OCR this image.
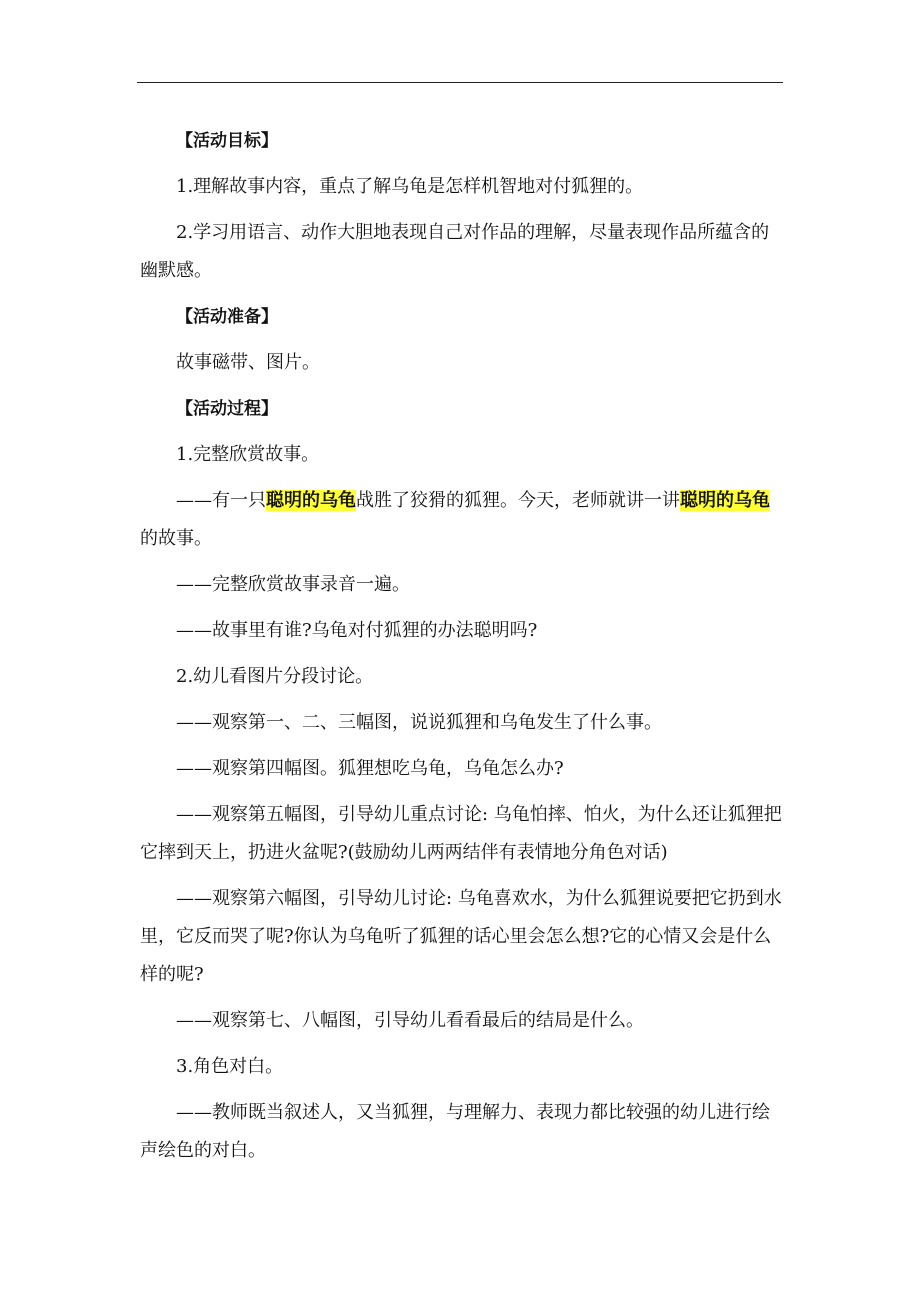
【活动目标】

1.理解故事内容，重点了解乌龟是怎样机智地对付狐狸的。

2.学习用语言、动作大胆地表现自己对作品的理解，尽量表现作品所蕴含的幽默感。

【活动准备】

故事磁带、图片。

【活动过程】

1.完整欣赏故事。

——有一只聪明的乌龟战胜了狡猾的狐狸。今天，老师就讲一讲聪明的乌龟的故事。

——完整欣赏故事录音一遍。

——故事里有谁?乌龟对付狐狸的办法聪明吗?

2.幼儿看图片分段讨论。

——观察第一、二、三幅图，说说狐狸和乌龟发生了什么事。

——观察第四幅图。狐狸想吃乌龟，乌龟怎么办?

——观察第五幅图，引导幼儿重点讨论: 乌龟怕摔、怕火，为什么还让狐狸把它摔到天上，扔进火盆呢?(鼓励幼儿两两结伴有表情地分角色对话)

——观察第六幅图，引导幼儿讨论: 乌龟喜欢水，为什么狐狸说要把它扔到水里，它反而哭了呢?你认为乌龟听了狐狸的话心里会怎么想?它的心情又会是什么样的呢?

——观察第七、八幅图，引导幼儿看看最后的结局是什么。

3.角色对白。

——教师既当叙述人，又当狐狸，与理解力、表现力都比较强的幼儿进行绘声绘色的对白。
